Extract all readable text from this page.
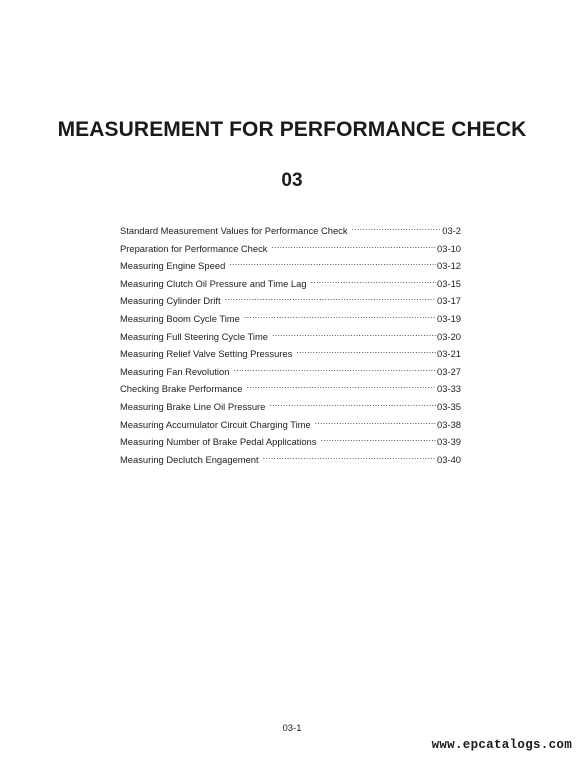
MEASUREMENT FOR PERFORMANCE CHECK
03
Standard Measurement Values for Performance Check .....	03-2
Preparation for Performance Check .....	03-10
Measuring Engine Speed .....	03-12
Measuring Clutch Oil Pressure and Time Lag .....	03-15
Measuring Cylinder Drift .....	03-17
Measuring Boom Cycle Time .....	03-19
Measuring Full Steering Cycle Time .....	03-20
Measuring Relief Valve Setting Pressures .....	03-21
Measuring Fan Revolution .....	03-27
Checking Brake Performance .....	03-33
Measuring Brake Line Oil Pressure .....	03-35
Measuring Accumulator Circuit Charging Time .....	03-38
Measuring Number of Brake Pedal Applications .....	03-39
Measuring Declutch Engagement .....	03-40
03-1
www.epcatalogs.com
